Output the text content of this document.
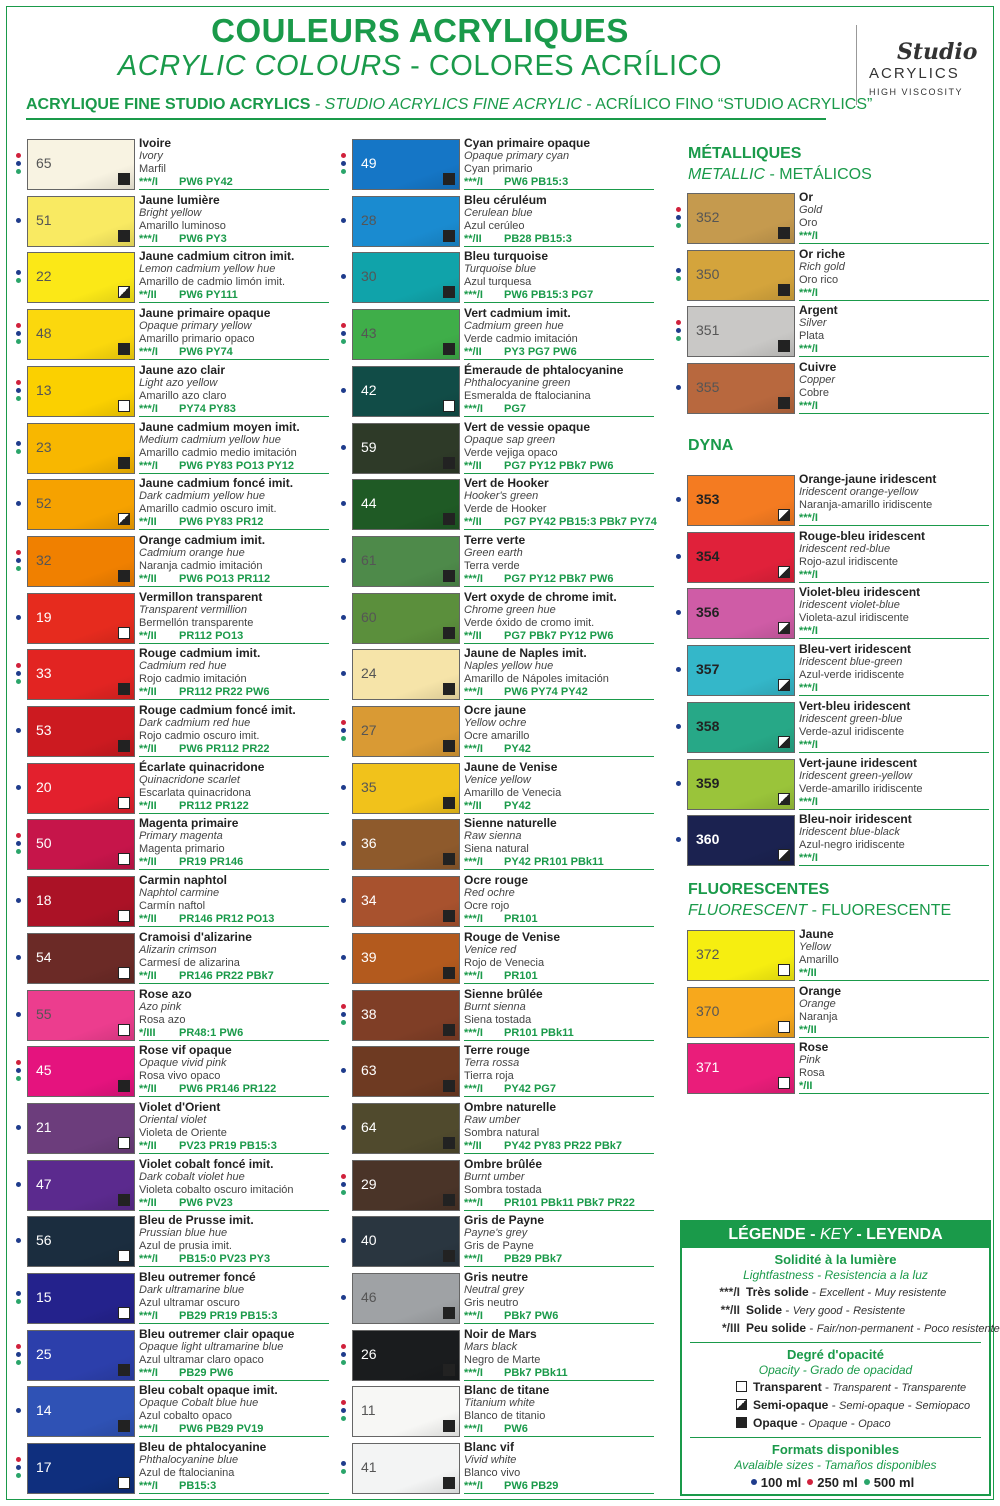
COULEURS ACRYLIQUES
ACRYLIC COLOURS - COLORES ACRÍLICO
ACRYLIQUE FINE STUDIO ACRYLICS - STUDIO ACRYLICS FINE ACRYLIC - ACRÍLICO FINO “STUDIO ACRYLICS”
Studio
ACRYLICS
HIGH VISCOSITY
65
Ivoire
Ivory
Marfil
***/I PW6 PY42
51
Jaune lumière
Bright yellow
Amarillo luminoso
***/I PW6 PY3
22
Jaune cadmium citron imit.
Lemon cadmium yellow hue
Amarillo de cadmio limón imit.
**/II PW6 PY111
48
Jaune primaire opaque
Opaque primary yellow
Amarillo primario opaco
***/I PW6 PY74
13
Jaune azo clair
Light azo yellow
Amarillo azo claro
***/I PY74 PY83
23
Jaune cadmium moyen imit.
Medium cadmium yellow hue
Amarillo cadmio medio imitación
***/I PW6 PY83 PO13 PY12
52
Jaune cadmium foncé imit.
Dark cadmium yellow hue
Amarillo cadmio oscuro imit.
**/II PW6 PY83 PR12
32
Orange cadmium imit.
Cadmium orange hue
Naranja cadmio imitación
**/II PW6 PO13 PR112
19
Vermillon transparent
Transparent vermillion
Bermellón transparente
**/II PR112 PO13
33
Rouge cadmium imit.
Cadmium red hue
Rojo cadmio imitación
**/II PR112 PR22 PW6
53
Rouge cadmium foncé imit.
Dark cadmium red hue
Rojo cadmio oscuro imit.
**/II PW6 PR112 PR22
20
Écarlate quinacridone
Quinacridone scarlet
Escarlata quinacridona
**/II PR112 PR122
50
Magenta primaire
Primary magenta
Magenta primario
**/II PR19 PR146
18
Carmin naphtol
Naphtol carmine
Carmín naftol
**/II PR146 PR12 PO13
54
Cramoisi d'alizarine
Alizarin crimson
Carmesí de alizarina
**/II PR146 PR22 PBk7
55
Rose azo
Azo pink
Rosa azo
*/III PR48:1 PW6
45
Rose vif opaque
Opaque vivid pink
Rosa vivo opaco
**/II PW6 PR146 PR122
21
Violet d'Orient
Oriental violet
Violeta de Oriente
**/II PV23 PR19 PB15:3
47
Violet cobalt foncé imit.
Dark cobalt violet hue
Violeta cobalto oscuro imitación
**/II PW6 PV23
56
Bleu de Prusse imit.
Prussian blue hue
Azul de prusia imit.
***/I PB15:0 PV23 PY3
15
Bleu outremer foncé
Dark ultramarine blue
Azul ultramar oscuro
***/I PB29 PR19 PB15:3
25
Bleu outremer clair opaque
Opaque light ultramarine blue
Azul ultramar claro opaco
***/I PB29 PW6
14
Bleu cobalt opaque imit.
Opaque Cobalt blue hue
Azul cobalto opaco
***/I PW6 PB29 PV19
17
Bleu de phtalocyanine
Phthalocyanine blue
Azul de ftalocianina
***/I PB15:3
49
Cyan primaire opaque
Opaque primary cyan
Cyan primario
***/I PW6 PB15:3
28
Bleu céruléum
Cerulean blue
Azul cerúleo
**/II PB28 PB15:3
30
Bleu turquoise
Turquoise blue
Azul turquesa
***/I PW6 PB15:3 PG7
43
Vert cadmium imit.
Cadmium green hue
Verde cadmio imitación
**/II PY3 PG7 PW6
42
Émeraude de phtalocyanine
Phthalocyanine green
Esmeralda de ftalocianina
***/I PG7
59
Vert de vessie opaque
Opaque sap green
Verde vejiga opaco
**/II PG7 PY12 PBk7 PW6
44
Vert de Hooker
Hooker's green
Verde de Hooker
**/II PG7 PY42 PB15:3 PBk7 PY74
61
Terre verte
Green earth
Terra verde
***/I PG7 PY12 PBk7 PW6
60
Vert oxyde de chrome imit.
Chrome green hue
Verde óxido de cromo imit.
**/II PG7 PBk7 PY12 PW6
24
Jaune de Naples imit.
Naples yellow hue
Amarillo de Nápoles imitación
***/I PW6 PY74 PY42
27
Ocre jaune
Yellow ochre
Ocre amarillo
***/I PY42
35
Jaune de Venise
Venice yellow
Amarillo de Venecia
**/II PY42
36
Sienne naturelle
Raw sienna
Siena natural
***/I PY42 PR101 PBk11
34
Ocre rouge
Red ochre
Ocre rojo
***/I PR101
39
Rouge de Venise
Venice red
Rojo de Venecia
***/I PR101
38
Sienne brûlée
Burnt sienna
Siena tostada
***/I PR101 PBk11
63
Terre rouge
Terra rossa
Tierra roja
***/I PY42 PG7
64
Ombre naturelle
Raw umber
Sombra natural
**/II PY42 PY83 PR22 PBk7
29
Ombre brûlée
Burnt umber
Sombra tostada
***/I PR101 PBk11 PBk7 PR22
40
Gris de Payne
Payne's grey
Gris de Payne
***/I PB29 PBk7
46
Gris neutre
Neutral grey
Gris neutro
***/I PBk7 PW6
26
Noir de Mars
Mars black
Negro de Marte
***/I PBk7 PBk11
11
Blanc de titane
Titanium white
Blanco de titanio
***/I PW6
41
Blanc vif
Vivid white
Blanco vivo
***/I PW6 PB29
MÉTALLIQUES
METALLIC - METÁLICOS
352
Or
Gold
Oro
***/I
350
Or riche
Rich gold
Oro rico
***/I
351
Argent
Silver
Plata
***/I
355
Cuivre
Copper
Cobre
***/I
DYNA
353
Orange-jaune iridescent
Iridescent orange-yellow
Naranja-amarillo iridiscente
***/I
354
Rouge-bleu iridescent
Iridescent red-blue
Rojo-azul iridiscente
***/I
356
Violet-bleu iridescent
Iridescent violet-blue
Violeta-azul iridiscente
***/I
357
Bleu-vert iridescent
Iridescent blue-green
Azul-verde iridiscente
***/I
358
Vert-bleu iridescent
Iridescent green-blue
Verde-azul iridiscente
***/I
359
Vert-jaune iridescent
Iridescent green-yellow
Verde-amarillo iridiscente
***/I
360
Bleu-noir iridescent
Iridescent blue-black
Azul-negro iridiscente
***/I
FLUORESCENTES
FLUORESCENT - FLUORESCENTE
372
Jaune
Yellow
Amarillo
**/II
370
Orange
Orange
Naranja
**/II
371
Rose
Pink
Rosa
*/II
LÉGENDE - KEY - LEYENDA
Solidité à la lumière
Lightfastness - Resistencia a la luz
***/I Très solide - Excellent - Muy resistente
**/II Solide - Very good - Resistente
*/III Peu solide - Fair/non-permanent - Poco resistente
Degré d'opacité
Opacity - Grado de opacidad
Transparent - Transparent - Transparente
Semi-opaque - Semi-opaque - Semiopaco
Opaque - Opaque - Opaco
Formats disponibles
Avalaible sizes - Tamaños disponibles
100 ml 250 ml 500 ml
